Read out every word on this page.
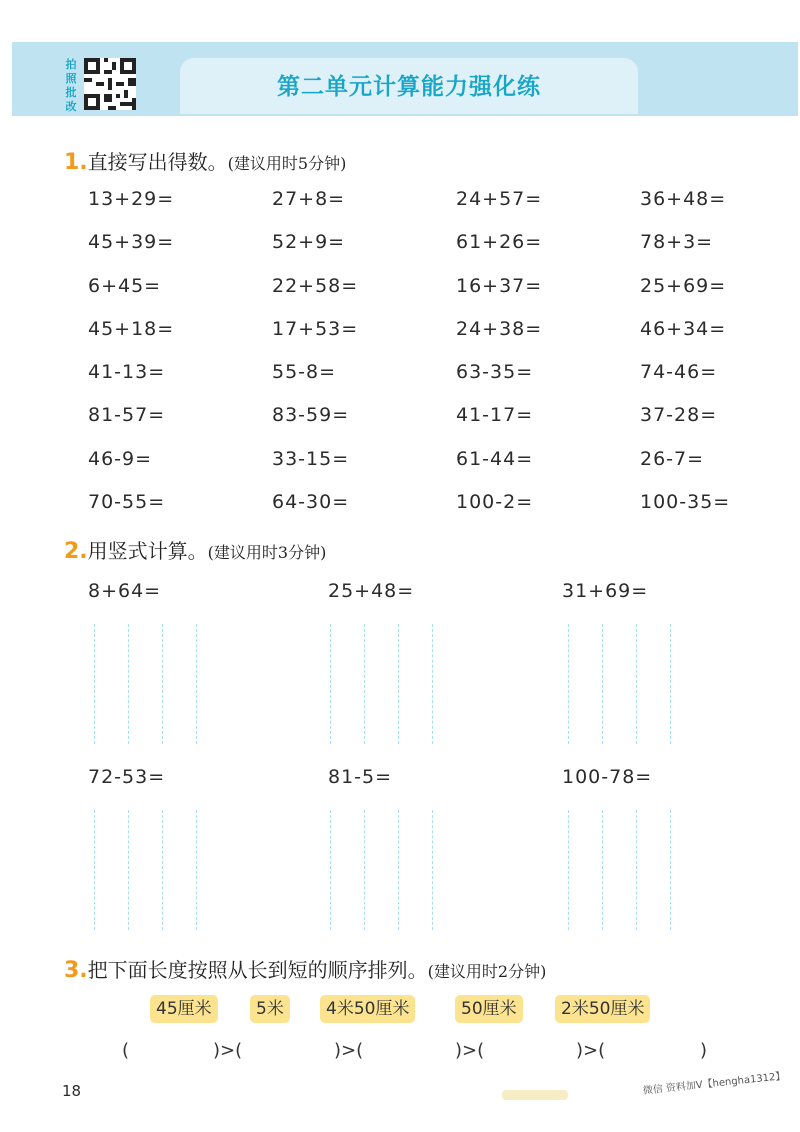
拍
照
批
改
第二单元计算能力强化练
1.直接写出得数。(建议用时5分钟)
13+29=	27+8=	24+57=	36+48=
45+39=	52+9=	61+26=	78+3=
6+45=	22+58=	16+37=	25+69=
45+18=	17+53=	24+38=	46+34=
41-13=	55-8=	63-35=	74-46=
81-57=	83-59=	41-17=	37-28=
46-9=	33-15=	61-44=	26-7=
70-55=	64-30=	100-2=	100-35=
2.用竖式计算。(建议用时3分钟)
8+64=	25+48=	31+69=
72-53=	81-5=	100-78=
3.把下面长度按照从长到短的顺序排列。(建议用时2分钟)
45厘米	5米	4米50厘米	50厘米	2米50厘米
(	)>(	)>(	)>(	)>(	)
18	微信 资料加V【hengha1312】
